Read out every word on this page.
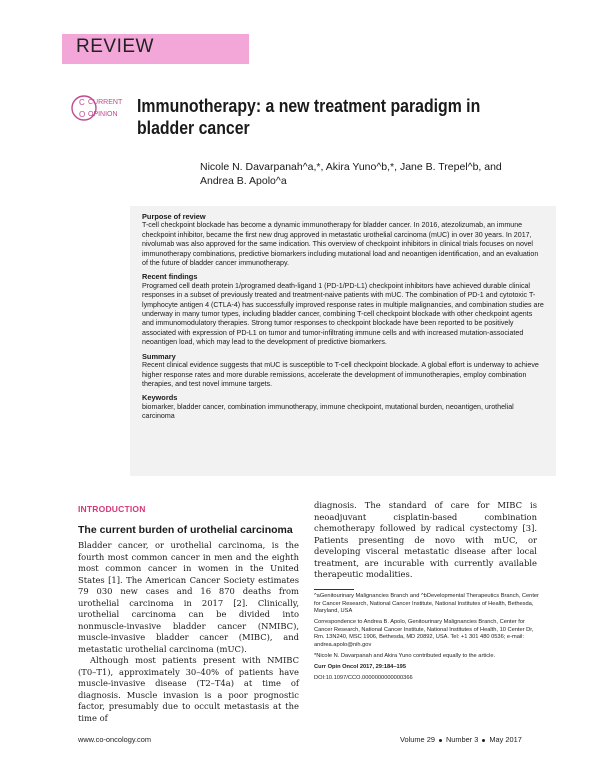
REVIEW
C
O
CURRENT
OPINION Immunotherapy: a new treatment paradigm in bladder cancer
Nicole N. Davarpanah^a,*, Akira Yuno^b,*, Jane B. Trepel^b, and
Andrea B. Apolo^a
Purpose of review

T-cell checkpoint blockade has become a dynamic immunotherapy for bladder cancer. In 2016, atezolizumab, an immune checkpoint inhibitor, became the first new drug approved in metastatic urothelial carcinoma (mUC) in over 30 years. In 2017, nivolumab was also approved for the same indication. This overview of checkpoint inhibitors in clinical trials focuses on novel immunotherapy combinations, predictive biomarkers including mutational load and neoantigen identification, and an evaluation of the future of bladder cancer immunotherapy.

Recent findings

Programed cell death protein 1/programed death-ligand 1 (PD-1/PD-L1) checkpoint inhibitors have achieved durable clinical responses in a subset of previously treated and treatment-naive patients with mUC. The combination of PD-1 and cytotoxic T-lymphocyte antigen 4 (CTLA-4) has successfully improved response rates in multiple malignancies, and combination studies are underway in many tumor types, including bladder cancer, combining T-cell checkpoint blockade with other checkpoint agents and immunomodulatory therapies. Strong tumor responses to checkpoint blockade have been reported to be positively associated with expression of PD-L1 on tumor and tumor-infiltrating immune cells and with increased mutation-associated neoantigen load, which may lead to the development of predictive biomarkers.

Summary

Recent clinical evidence suggests that mUC is susceptible to T-cell checkpoint blockade. A global effort is underway to achieve higher response rates and more durable remissions, accelerate the development of immunotherapies, employ combination therapies, and test novel immune targets.

Keywords

biomarker, bladder cancer, combination immunotherapy, immune checkpoint, mutational burden, neoantigen, urothelial carcinoma

INTRODUCTION
The current burden of urothelial carcinoma

Bladder cancer, or urothelial carcinoma, is the fourth most common cancer in men and the eighth most common cancer in women in the United States [1]. The American Cancer Society estimates 79 030 new cases and 16 870 deaths from urothelial carcinoma in 2017 [2]. Clinically, urothelial carcinoma can be divided into nonmuscle-invasive bladder cancer (NMIBC), muscle-invasive bladder cancer (MIBC), and metastatic urothelial carcinoma (mUC).

Although most patients present with NMIBC (T0–T1), approximately 30–40% of patients have muscle-invasive disease (T2–T4a) at time of diagnosis. Muscle invasion is a poor prognostic factor, presumably due to occult metastasis at the time of

diagnosis. The standard of care for MIBC is neoadjuvant cisplatin-based combination chemotherapy followed by radical cystectomy [3]. Patients presenting de novo with mUC, or developing visceral metastatic disease after local treatment, are incurable with currently available therapeutic modalities.

^aGenitourinary Malignancies Branch and ^bDevelopmental Therapeutics Branch, Center for Cancer Research, National Cancer Institute, National Institutes of Health, Bethesda, Maryland, USA

Correspondence to Andrea B. Apolo, Genitourinary Malignancies Branch, Center for Cancer Research, National Cancer Institute, National Institutes of Health, 10 Center Dr, Rm. 13N240, MSC 1906, Bethesda, MD 20892, USA. Tel: +1 301 480 0536; e-mail: andrea.apolo@nih.gov

*Nicole N. Davarpanah and Akira Yuno contributed equally to the article.

Curr Opin Oncol 2017, 29:184–195

DOI:10.1097/CCO.0000000000000366

www.co-oncology.com	Volume 29 Number 3 May 2017
